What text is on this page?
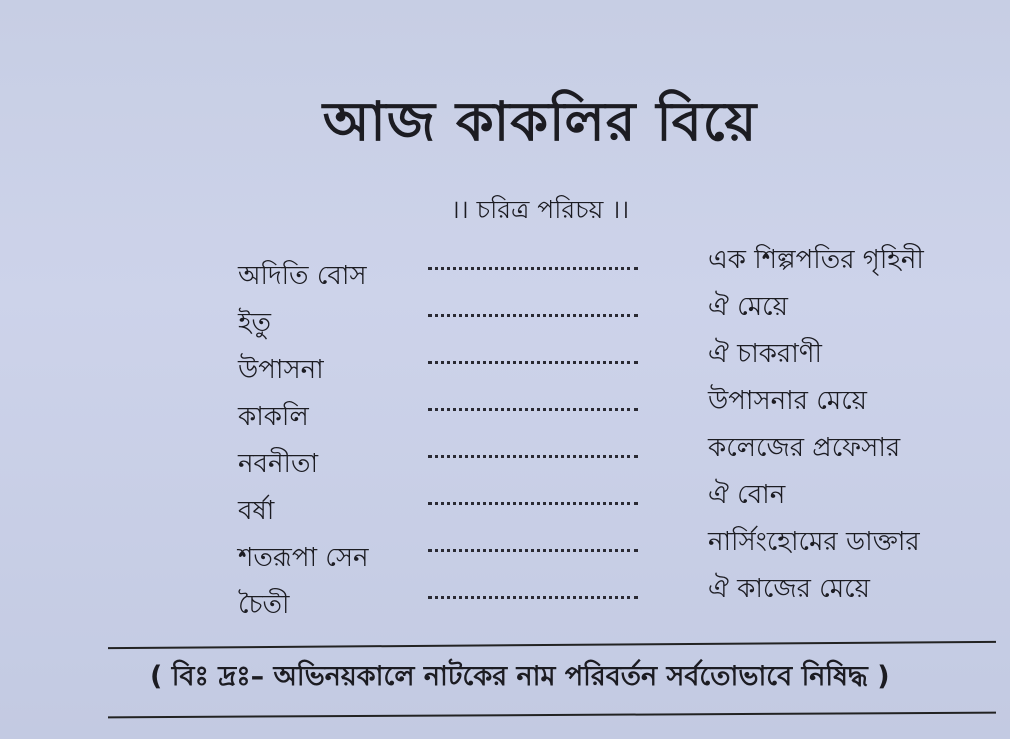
আজ কাকলির বিয়ে
।। চরিত্র পরিচয় ।।
অদিতি বোস
এক শিল্পপতির গৃহিনী
ইতু
ঐ মেয়ে
উপাসনা
ঐ চাকরাণী
কাকলি
উপাসনার মেয়ে
নবনীতা
কলেজের প্রফেসার
বর্ষা
ঐ বোন
শতরূপা সেন
নার্সিংহোমের ডাক্তার
চৈতী
ঐ কাজের মেয়ে
( বিঃ দ্রঃ– অভিনয়কালে নাটকের নাম পরিবর্তন সর্বতোভাবে নিষিদ্ধ )
